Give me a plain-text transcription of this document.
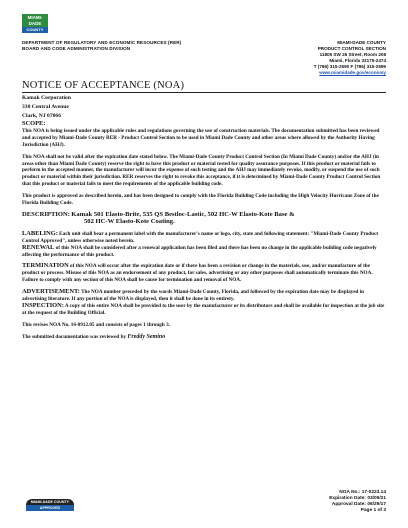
MIAMI-DADE
COUNTY
DEPARTMENT OF REGULATORY AND ECONOMIC RESOURCES (RER)
BOARD AND CODE ADMINISTRATION DIVISION
MIAMI-DADE COUNTY
PRODUCT CONTROL SECTION
11805 SW 26 Street, Room 208
Miami, Florida 33175-2474
T (786) 315-2590 F (786) 315-2599
www.miamidade.gov/economy
NOTICE OF ACCEPTANCE (NOA)
Kamak Corporation
330 Central Avenue
Clark, NJ 07066

SCOPE:
This NOA is being issued under the applicable rules and regulations governing the use of construction materials. The documentation submitted has been reviewed and accepted by Miami-Dade County RER - Product Control Section to be used in Miami Dade County and other areas where allowed by the Authority Having Jurisdiction (AHJ).

This NOA shall not be valid after the expiration date stated below. The Miami-Dade County Product Control Section (In Miami Dade County) and/or the AHJ (in areas other than Miami Dade County) reserve the right to have this product or material tested for quality assurance purposes. If this product or material fails to perform in the accepted manner, the manufacturer will incur the expense of such testing and the AHJ may immediately revoke, modify, or suspend the use of such product or material within their jurisdiction. RER reserves the right to revoke this acceptance, if it is determined by Miami-Dade County Product Control Section that this product or material fails to meet the requirements of the applicable building code.

This product is approved as described herein, and has been designed to comply with the Florida Building Code including the High Velocity Hurricane Zone of the Florida Building Code.

DESCRIPTION: Kamak 501 Elasto-Brite, 535 QS Bestloc-Lastic, 502 HC-W Elasto-Kote Base &
502 HC-W Elasto-Kote Coating.

LABELING: Each unit shall bear a permanent label with the manufacturer's name or logo, city, state and following statement: "Miami-Dade County Product Control Approved", unless otherwise noted herein.
RENEWAL of this NOA shall be considered after a renewal application has been filed and there has been no change in the applicable building code negatively affecting the performance of this product.

TERMINATION of this NOA will occur after the expiration date or if there has been a revision or change in the materials, use, and/or manufacture of the product or process. Misuse of this NOA as an endorsement of any product, for sales, advertising or any other purposes shall automatically terminate this NOA. Failure to comply with any section of this NOA shall be cause for termination and removal of NOA.

ADVERTISEMENT: The NOA number preceded by the words Miami-Dade County, Florida, and followed by the expiration date may be displayed in advertising literature. If any portion of the NOA is displayed, then it shall be done in its entirety.
INSPECTION: A copy of this entire NOA shall be provided to the user by the manufacturer or its distributors and shall be available for inspection at the job site at the request of the Building Official.

This revises NOA No. 16-0912.05 and consists of pages 1 through 3.

The submitted documentation was reviewed by Freddy Semino

MIAMI-DADE COUNTY
APPROVED
NOA No.: 17-0223.14
Expiration Date: 03/09/21
Approval Date: 06/29/17
Page 1 of 3
